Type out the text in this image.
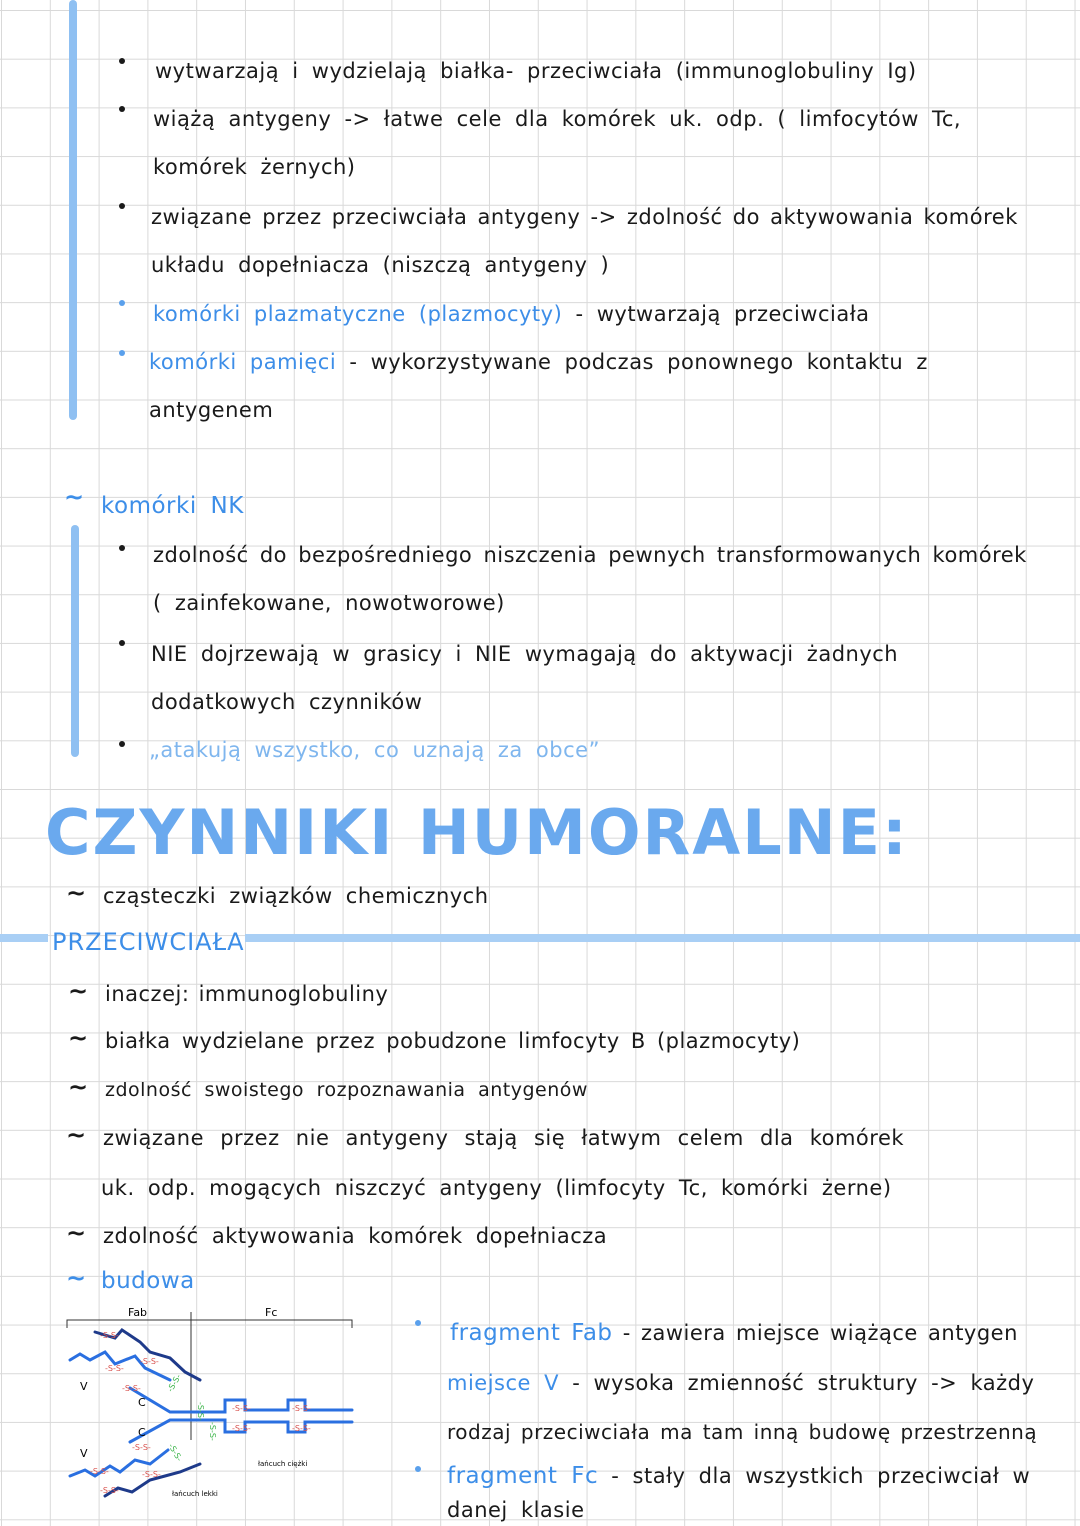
wytwarzają i wydzielają białka- przeciwciała (immunoglobuliny Ig)
wiążą antygeny -> łatwe cele dla komórek uk. odp. ( limfocytów Tc,
komórek żernych)
związane przez przeciwciała antygeny -> zdolność do aktywowania komórek
układu dopełniacza (niszczą antygeny )
komórki plazmatyczne (plazmocyty) - wytwarzają przeciwciała
komórki pamięci - wykorzystywane podczas ponownego kontaktu z
antygenem
~ komórki NK
zdolność do bezpośredniego niszczenia pewnych transformowanych komórek
( zainfekowane, nowotworowe)
NIE dojrzewają w grasicy i NIE wymagają do aktywacji żadnych
dodatkowych czynników
„atakują wszystko, co uznają za obce”
CZYNNIKI HUMORALNE:
~ cząsteczki związków chemicznych
PRZECIWCIAŁA
~ inaczej: immunoglobuliny
~ białka wydzielane przez pobudzone limfocyty B (plazmocyty)
~ zdolność swoistego rozpoznawania antygenów
~ związane przez nie antygeny stają się łatwym celem dla komórek
uk. odp. mogących niszczyć antygeny (limfocyty Tc, komórki żerne)
~ zdolność aktywowania komórek dopełniacza
~ budowa
Fab	Fc
-S-S-
-S-S-
-S-S-
-S-S-
-S-S-	-S-S-
-S-S-	-S-S-
-S-S-
-S-S-
-S-S-
-S-S-
-S-S-
-S-S-
-S-S-
-S-S-
V
C
C
V
łańcuch ciężki
łańcuch lekki
fragment Fab - zawiera miejsce wiążące antygen
miejsce V - wysoka zmienność struktury -> każdy
rodzaj przeciwciała ma tam inną budowę przestrzenną
fragment Fc - stały dla wszystkich przeciwciał w
danej klasie
